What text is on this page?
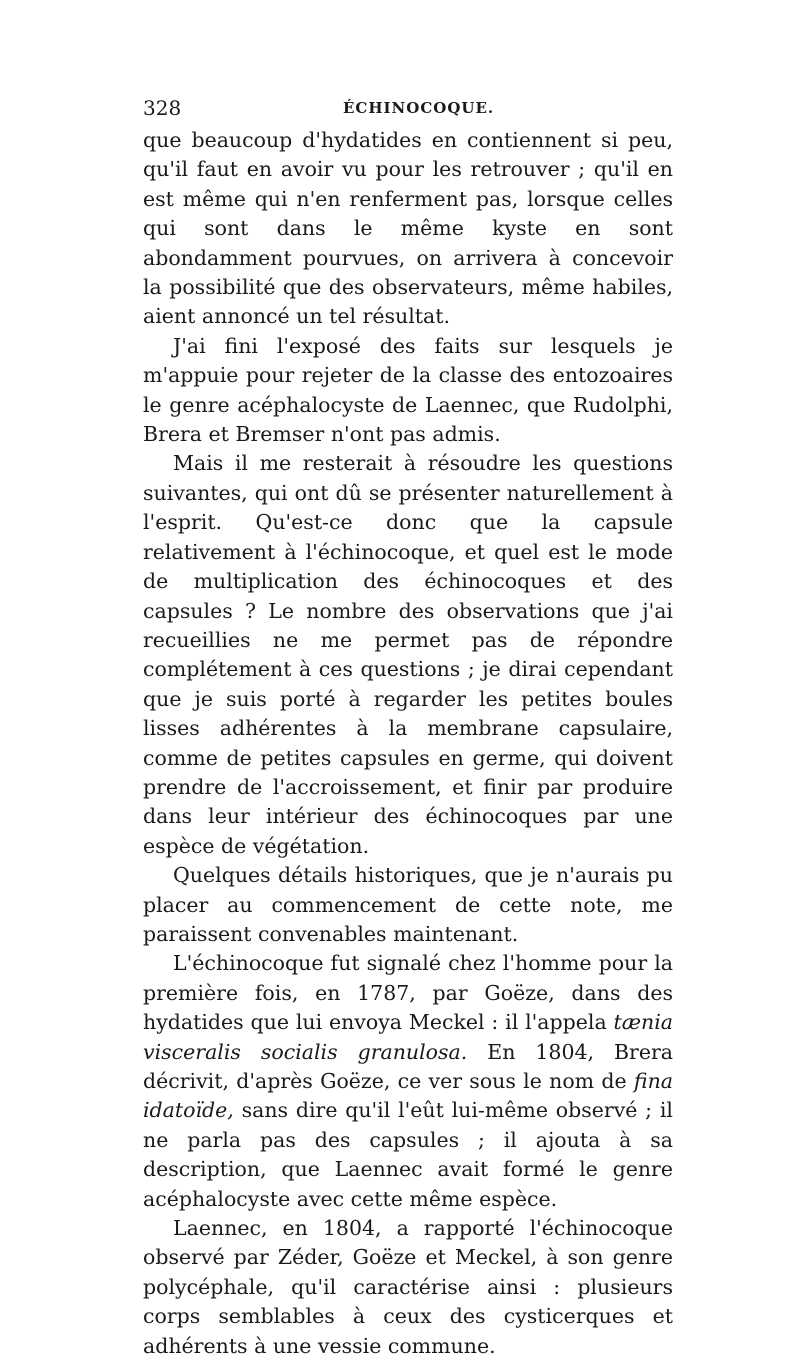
328	ÉCHINOCOQUE.

que beaucoup d'hydatides en contiennent si peu, qu'il faut en avoir vu pour les retrouver ; qu'il en est même qui n'en renferment pas, lorsque celles qui sont dans le même kyste en sont abondamment pourvues, on arrivera à concevoir la possibilité que des observateurs, même habiles, aient annoncé un tel résultat.

J'ai fini l'exposé des faits sur lesquels je m'appuie pour rejeter de la classe des entozoaires le genre acéphalocyste de Laennec, que Rudolphi, Brera et Bremser n'ont pas admis.

Mais il me resterait à résoudre les questions suivantes, qui ont dû se présenter naturellement à l'esprit. Qu'est-ce donc que la capsule relativement à l'échinocoque, et quel est le mode de multiplication des échinocoques et des capsules ? Le nombre des observations que j'ai recueillies ne me permet pas de répondre complétement à ces questions ; je dirai cependant que je suis porté à regarder les petites boules lisses adhérentes à la membrane capsulaire, comme de petites capsules en germe, qui doivent prendre de l'accroissement, et finir par produire dans leur intérieur des échinocoques par une espèce de végétation.

Quelques détails historiques, que je n'aurais pu placer au commencement de cette note, me paraissent convenables maintenant.

L'échinocoque fut signalé chez l'homme pour la première fois, en 1787, par Goëze, dans des hydatides que lui envoya Meckel : il l'appela tænia visceralis socialis granulosa. En 1804, Brera décrivit, d'après Goëze, ce ver sous le nom de fina idatoïde, sans dire qu'il l'eût lui-même observé ; il ne parla pas des capsules ; il ajouta à sa description, que Laennec avait formé le genre acéphalocyste avec cette même espèce.

Laennec, en 1804, a rapporté l'échinocoque observé par Zéder, Goëze et Meckel, à son genre polycéphale, qu'il caractérise ainsi : plusieurs corps semblables à ceux des cysticerques et adhérents à une vessie commune.
